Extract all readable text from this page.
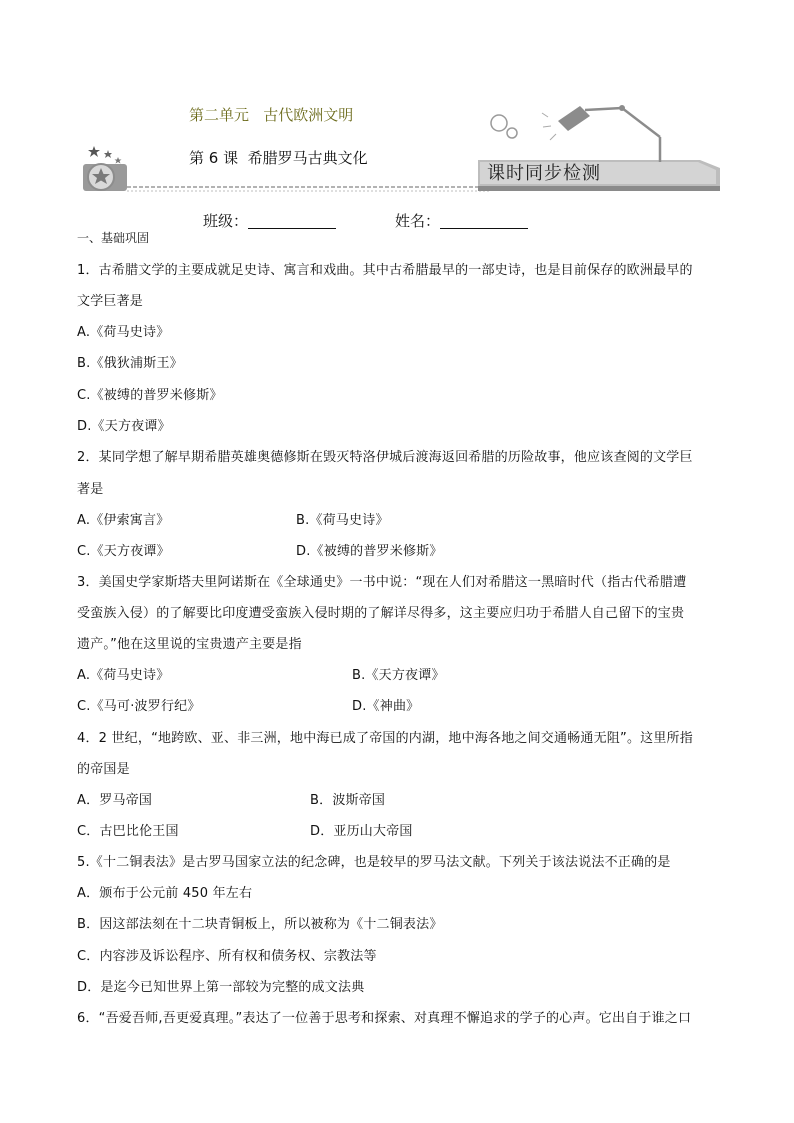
第二单元   古代欧洲文明
第 6 课  希腊罗马古典文化
课时同步检测
班级：	姓名：
一、基础巩固
1．古希腊文学的主要成就足史诗、寓言和戏曲。其中古希腊最早的一部史诗，也是目前保存的欧洲最早的
文学巨著是
A.《荷马史诗》
B.《俄狄浦斯王》
C.《被缚的普罗米修斯》
D.《天方夜谭》
2．某同学想了解早期希腊英雄奥德修斯在毁灭特洛伊城后渡海返回希腊的历险故事，他应该查阅的文学巨
著是
A.《伊索寓言》	B.《荷马史诗》
C.《天方夜谭》	D.《被缚的普罗米修斯》
3．美国史学家斯塔夫里阿诺斯在《全球通史》一书中说：“现在人们对希腊这一黑暗时代（指古代希腊遭
受蛮族入侵）的了解要比印度遭受蛮族入侵时期的了解详尽得多，这主要应归功于希腊人自己留下的宝贵
遗产。”他在这里说的宝贵遗产主要是指
A.《荷马史诗》	B.《天方夜谭》
C.《马可·波罗行纪》	D.《神曲》
4．2 世纪，“地跨欧、亚、非三洲，地中海已成了帝国的内湖，地中海各地之间交通畅通无阻”。这里所指
的帝国是
A．罗马帝国	B．波斯帝国
C．古巴比伦王国	D．亚历山大帝国
5.《十二铜表法》是古罗马国家立法的纪念碑，也是较早的罗马法文献。下列关于该法说法不正确的是
A．颁布于公元前 450 年左右
B．因这部法刻在十二块青铜板上，所以被称为《十二铜表法》
C．内容涉及诉讼程序、所有权和债务权、宗教法等
D．是迄今已知世界上第一部较为完整的成文法典
6．“吾爱吾师,吾更爱真理。”表达了一位善于思考和探索、对真理不懈追求的学子的心声。它出自于谁之口
